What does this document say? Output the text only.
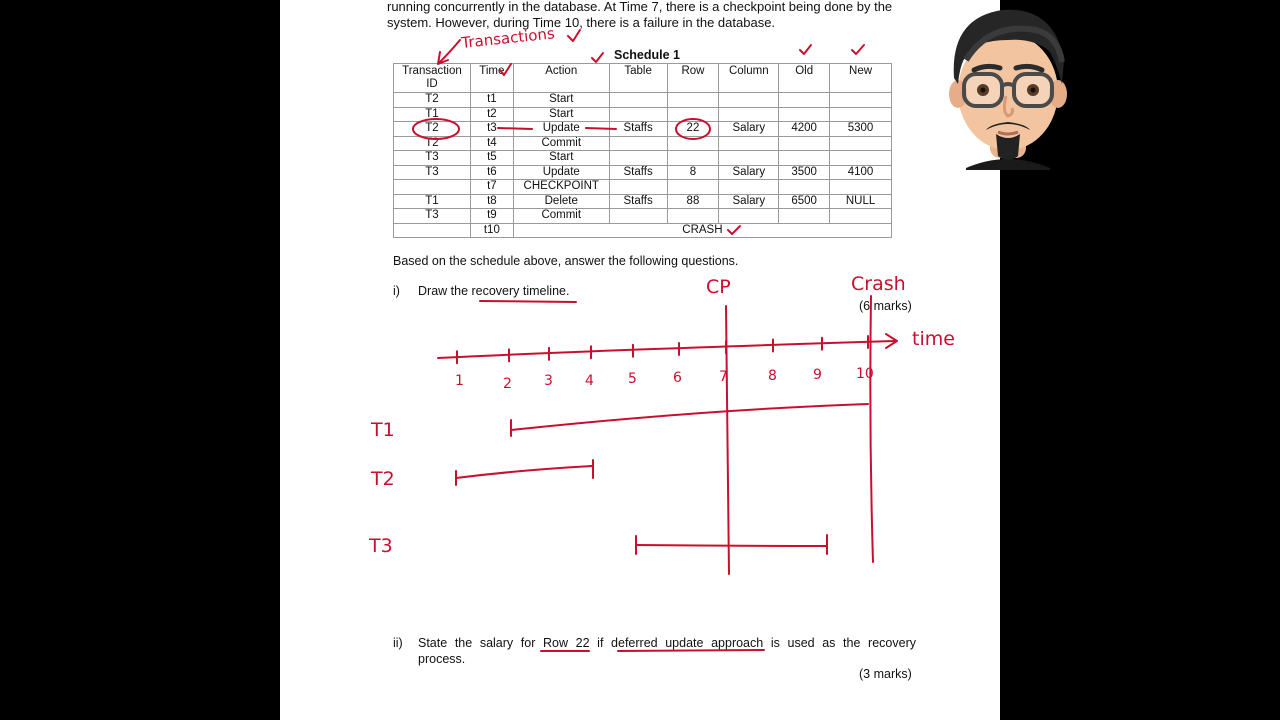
running concurrently in the database. At Time 7, there is a checkpoint being done by the
system. However, during Time 10, there is a failure in the database.
Schedule 1
Transaction ID	Time	Action	Table	Row	Column	Old	New
T2	t1	Start					
T1	t2	Start					
T2	t3	Update	Staffs	22	Salary	4200	5300
T2	t4	Commit					
T3	t5	Start					
T3	t6	Update	Staffs	8	Salary	3500	4100
	t7	CHECKPOINT					
T1	t8	Delete	Staffs	88	Salary	6500	NULL
T3	t9	Commit					
	t10	CRASH					
Based on the schedule above, answer the following questions.
i) Draw the recovery timeline.
(6 marks)
ii) State the salary for Row 22 if deferred update approach is used as the recovery
process.
(3 marks)
Transactions
CP	Crash
time
1	2 3 4 5	6	7	8	9 10
T1
T2
T3
